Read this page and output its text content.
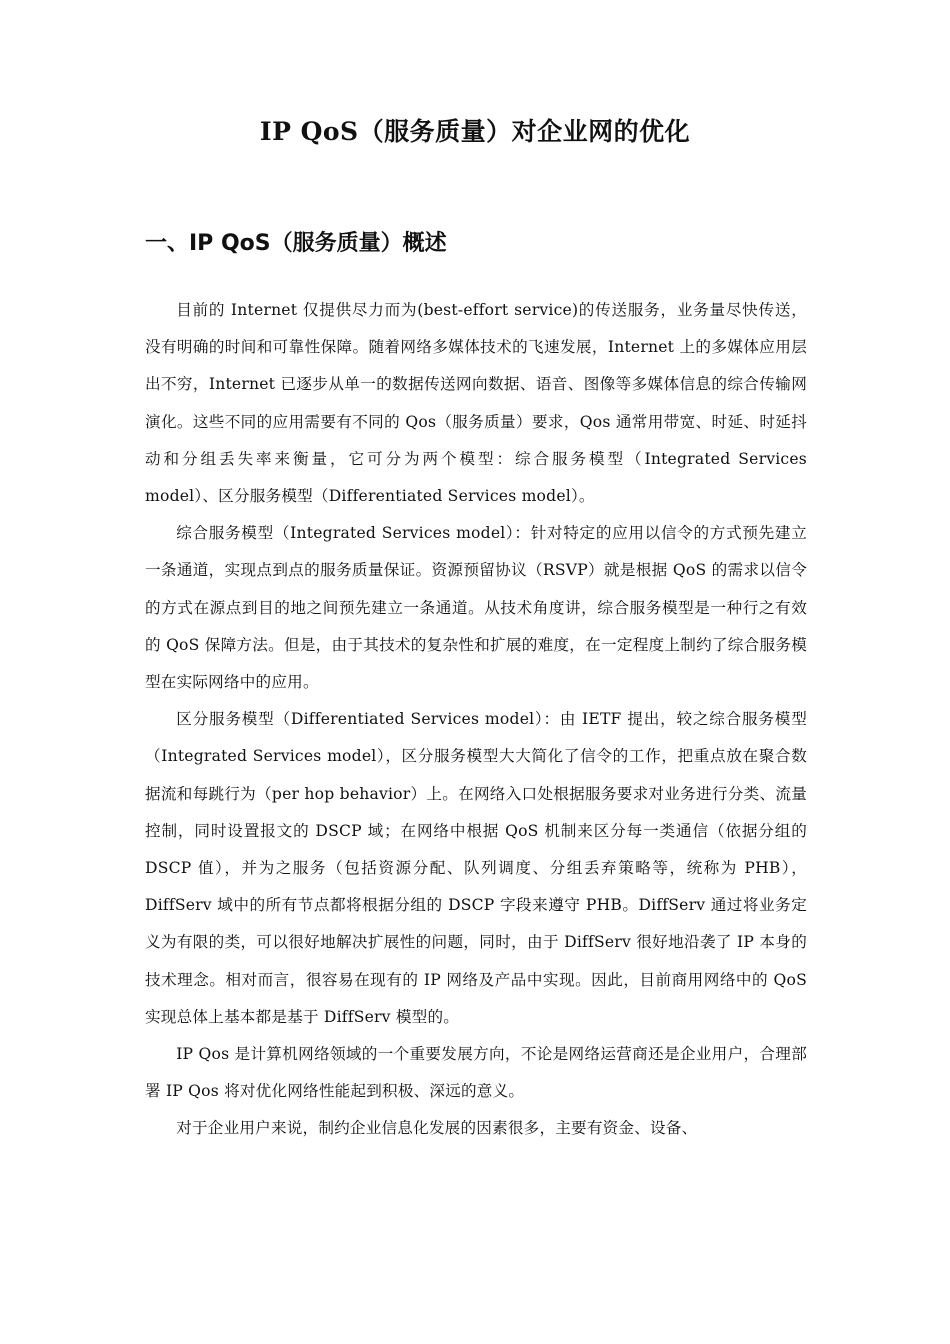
IP QoS（服务质量）对企业网的优化
一、IP QoS（服务质量）概述

目前的 Internet 仅提供尽力而为(best-effort service)的传送服务，业务量尽快传送，没有明确的时间和可靠性保障。随着网络多媒体技术的飞速发展，Internet 上的多媒体应用层出不穷，Internet 已逐步从单一的数据传送网向数据、语音、图像等多媒体信息的综合传输网演化。这些不同的应用需要有不同的 Qos（服务质量）要求，Qos 通常用带宽、时延、时延抖动和分组丢失率来衡量，它可分为两个模型：综合服务模型（Integrated Services model）、区分服务模型（Differentiated Services model）。

综合服务模型（Integrated Services model）：针对特定的应用以信令的方式预先建立一条通道，实现点到点的服务质量保证。资源预留协议（RSVP）就是根据 QoS 的需求以信令的方式在源点到目的地之间预先建立一条通道。从技术角度讲，综合服务模型是一种行之有效的 QoS 保障方法。但是，由于其技术的复杂性和扩展的难度，在一定程度上制约了综合服务模型在实际网络中的应用。

区分服务模型（Differentiated Services model）：由 IETF 提出，较之综合服务模型（Integrated Services model），区分服务模型大大简化了信令的工作，把重点放在聚合数据流和每跳行为（per hop behavior）上。在网络入口处根据服务要求对业务进行分类、流量控制，同时设置报文的 DSCP 域；在网络中根据 QoS 机制来区分每一类通信（依据分组的 DSCP 值），并为之服务（包括资源分配、队列调度、分组丢弃策略等，统称为 PHB），DiffServ 域中的所有节点都将根据分组的 DSCP 字段来遵守 PHB。DiffServ 通过将业务定义为有限的类，可以很好地解决扩展性的问题，同时，由于 DiffServ 很好地沿袭了 IP 本身的技术理念。相对而言，很容易在现有的 IP 网络及产品中实现。因此，目前商用网络中的 QoS 实现总体上基本都是基于 DiffServ 模型的。

IP Qos 是计算机网络领域的一个重要发展方向，不论是网络运营商还是企业用户，合理部署 IP Qos 将对优化网络性能起到积极、深远的意义。

对于企业用户来说，制约企业信息化发展的因素很多，主要有资金、设备、
